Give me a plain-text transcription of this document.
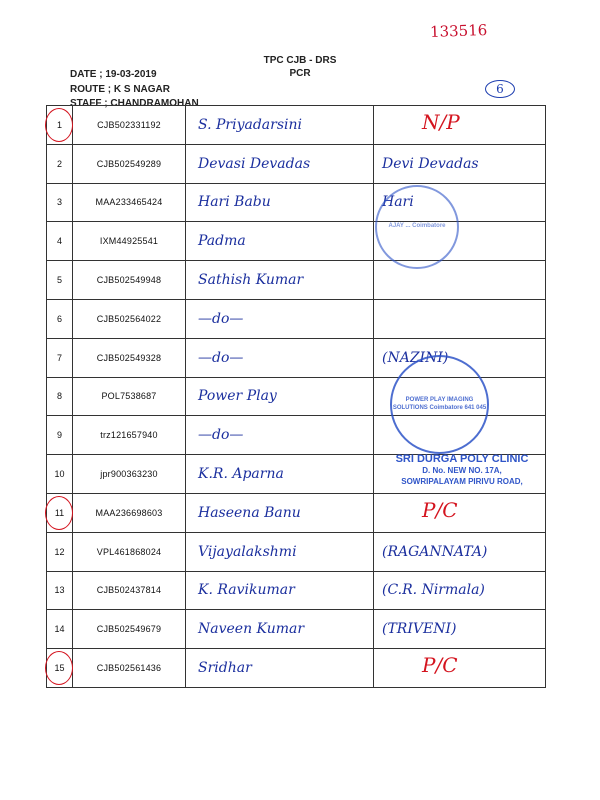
133516
TPC CJB - DRS
PCR
DATE ; 19-03-2019
ROUTE ; K S NAGAR
STAFF ; CHANDRAMOHAN
6
1	CJB502331192	S. Priyadarsini	N/P

2	CJB502549289	Devasi Devadas	Devi Devadas

3	MAA233465424	Hari Babu	Hari

4	IXM44925541	Padma	

5	CJB502549948	Sathish Kumar	

6	CJB502564022	—do—	

7	CJB502549328	—do—	(NAZINI)

8	POL7538687	Power Play	

9	trz121657940	—do—	

10	jpr900363230	K.R. Aparna	

11	MAA236698603	Haseena Banu	P/C

12	VPL461868024	Vijayalakshmi	(RAGANNATA)

13	CJB502437814	K. Ravikumar	(C.R. Nirmala)

14	CJB502549679	Naveen Kumar	(TRIVENI)

15	CJB502561436	Sridhar	P/C
AJAY ... Coimbatore
POWER PLAY IMAGING SOLUTIONS Coimbatore 641 045
SRI DURGA POLY CLINIC
D. No. NEW NO. 17A,
SOWRIPALAYAM PIRIVU ROAD,
